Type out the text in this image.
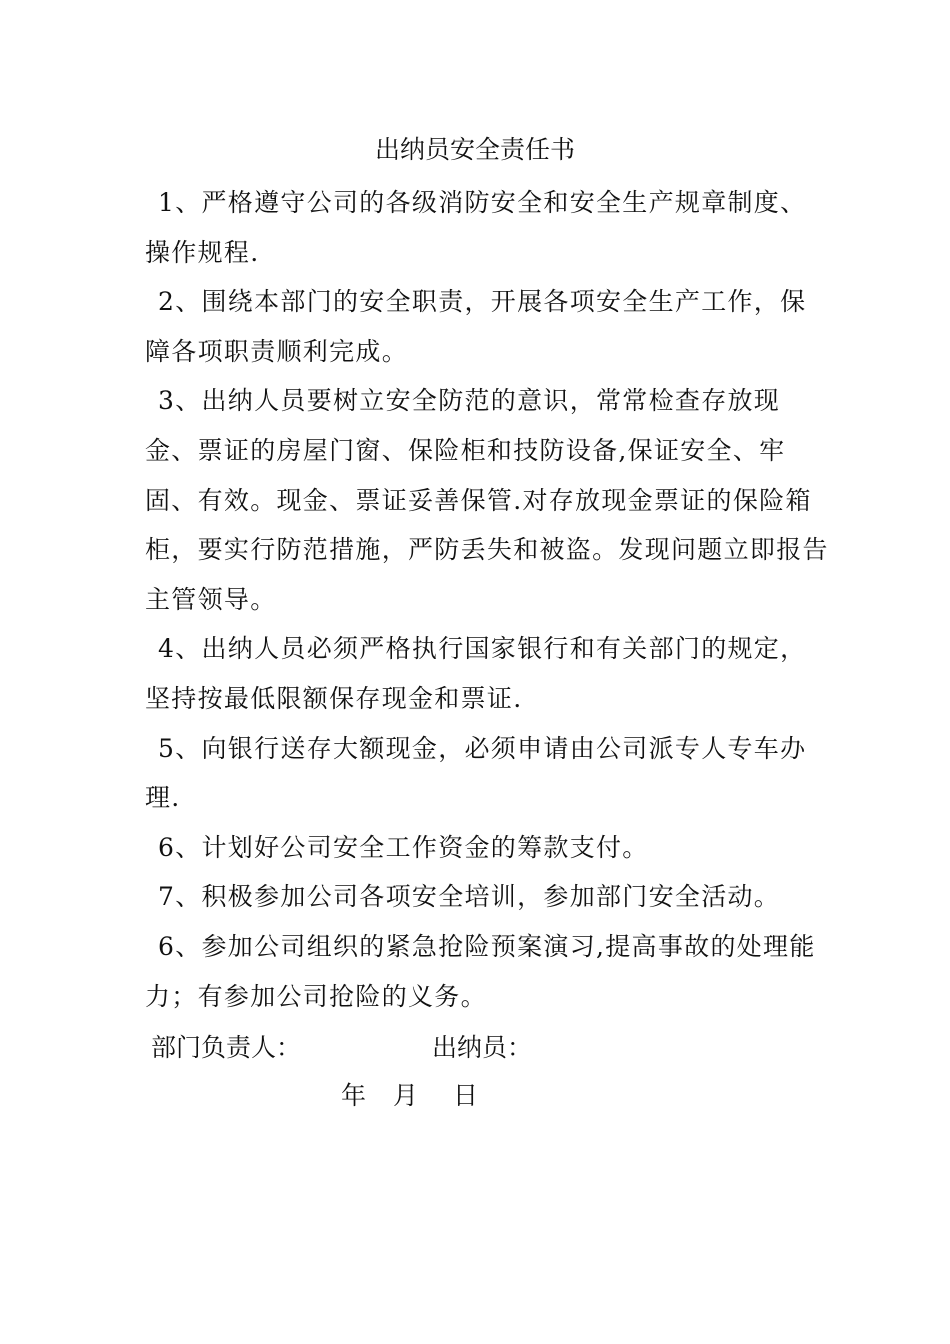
出纳员安全责任书

1、严格遵守公司的各级消防安全和安全生产规章制度、操作规程.

2、围绕本部门的安全职责，开展各项安全生产工作，保障各项职责顺利完成。

3、出纳人员要树立安全防范的意识，常常检查存放现金、票证的房屋门窗、保险柜和技防设备,保证安全、牢固、有效。现金、票证妥善保管.对存放现金票证的保险箱柜，要实行防范措施，严防丢失和被盗。发现问题立即报告主管领导。

4、出纳人员必须严格执行国家银行和有关部门的规定，坚持按最低限额保存现金和票证.

5、向银行送存大额现金，必须申请由公司派专人专车办理.

6、计划好公司安全工作资金的筹款支付。

7、积极参加公司各项安全培训，参加部门安全活动。

6、参加公司组织的紧急抢险预案演习,提高事故的处理能力；有参加公司抢险的义务。

部门负责人：	出纳员：
年 月 日
